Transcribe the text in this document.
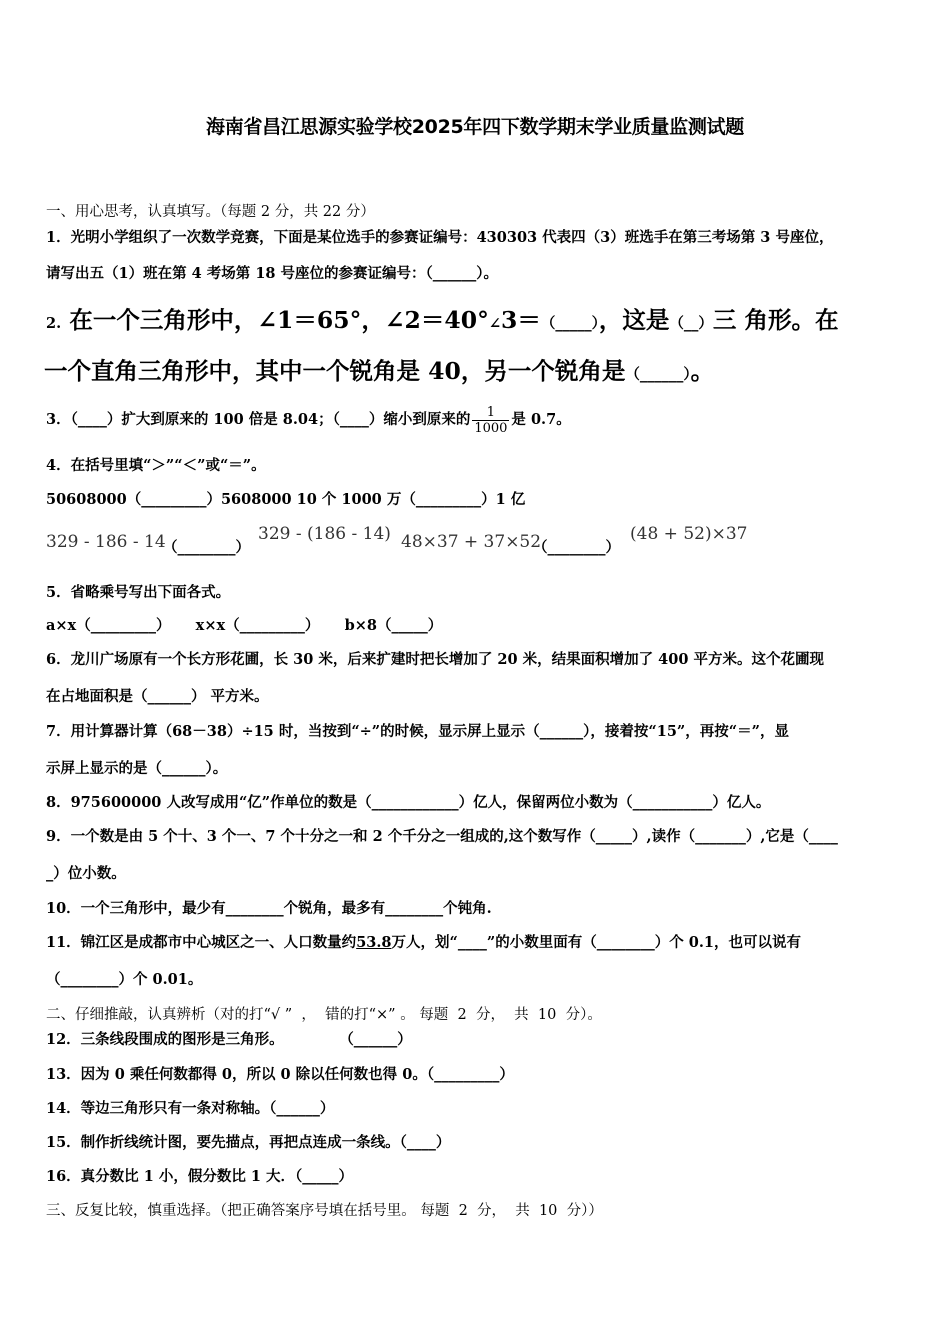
海南省昌江思源实验学校2025年四下数学期末学业质量监测试题
一、用心思考，认真填写。（每题 2 分，共 22 分）
1．光明小学组织了一次数学竞赛，下面是某位选手的参赛证编号：430303 代表四（3）班选手在第三考场第 3 号座位，
请写出五（1）班在第 4 考场第 18 号座位的参赛证编号：（______）。
2. 在一个三角形中，∠1＝65°，∠2＝40°∠3＝（_____），这是（__）三 角形。在
一个直角三角形中，其中一个锐角是 40，另一个锐角是（______）。
3．（____）扩大到原来的 100 倍是 8.04；（____）缩小到原来的 $\frac{1}{1000}$ 是 0.7。
4．在括号里填“＞”“＜”或“＝”。
50608000（_________）5608000 10 个 1000 万（_________）1 亿
329 - 186 - 14
（________）
329 - (186 - 14) 48×37 + 37×52
（________）
(48 + 52)×37
5．省略乘号写出下面各式。
a×x（_________）     x×x（_________）     b×8（_____）
6．龙川广场原有一个长方形花圃，长 30 米，后来扩建时把长增加了 20 米，结果面积增加了 400 平方米。这个花圃现
在占地面积是（______） 平方米。
7．用计算器计算（68－38）÷15 时，当按到“÷”的时候，显示屏上显示（______），接着按“15”，再按“＝”，显
示屏上显示的是（______）。
8．975600000 人改写成用“亿”作单位的数是（____________）亿人，保留两位小数为（___________）亿人。
9．一个数是由 5 个十、3 个一、7 个十分之一和 2 个千分之一组成的,这个数写作（_____）,读作（_______）,它是（____
_）位小数。
10．一个三角形中，最少有________个锐角，最多有________个钝角.
11．锦江区是成都市中心城区之一、人口数量约53.8万人，划“____”的小数里面有（________）个 0.1，也可以说有
（________）个 0.01。
二、仔细推敲，认真辨析（对的打“√ ”  ，  错的打“×” 。 每题  2  分，  共  10  分）。
12．三条线段围成的图形是三角形。           （______）
13．因为 0 乘任何数都得 0，所以 0 除以任何数也得 0。（_________）
14．等边三角形只有一条对称轴。（______）
15．制作折线统计图，要先描点，再把点连成一条线。（____）
16．真分数比 1 小，假分数比 1 大．（_____）
三、反复比较，慎重选择。（把正确答案序号填在括号里。 每题  2  分，  共  10  分））
